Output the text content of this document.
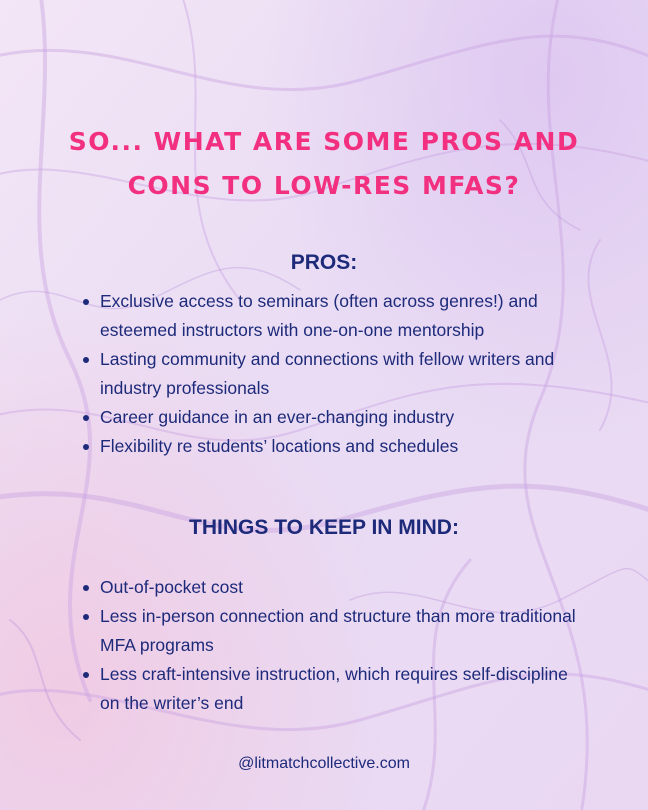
SO... WHAT ARE SOME PROS AND
CONS TO LOW-RES MFAS?
PROS:
Exclusive access to seminars (often across genres!) and esteemed instructors with one-on-one mentorship
Lasting community and connections with fellow writers and industry professionals
Career guidance in an ever-changing industry
Flexibility re students’ locations and schedules
THINGS TO KEEP IN MIND:
Out-of-pocket cost
Less in-person connection and structure than more traditional MFA programs
Less craft-intensive instruction, which requires self-discipline on the writer’s end

@litmatchcollective.com
